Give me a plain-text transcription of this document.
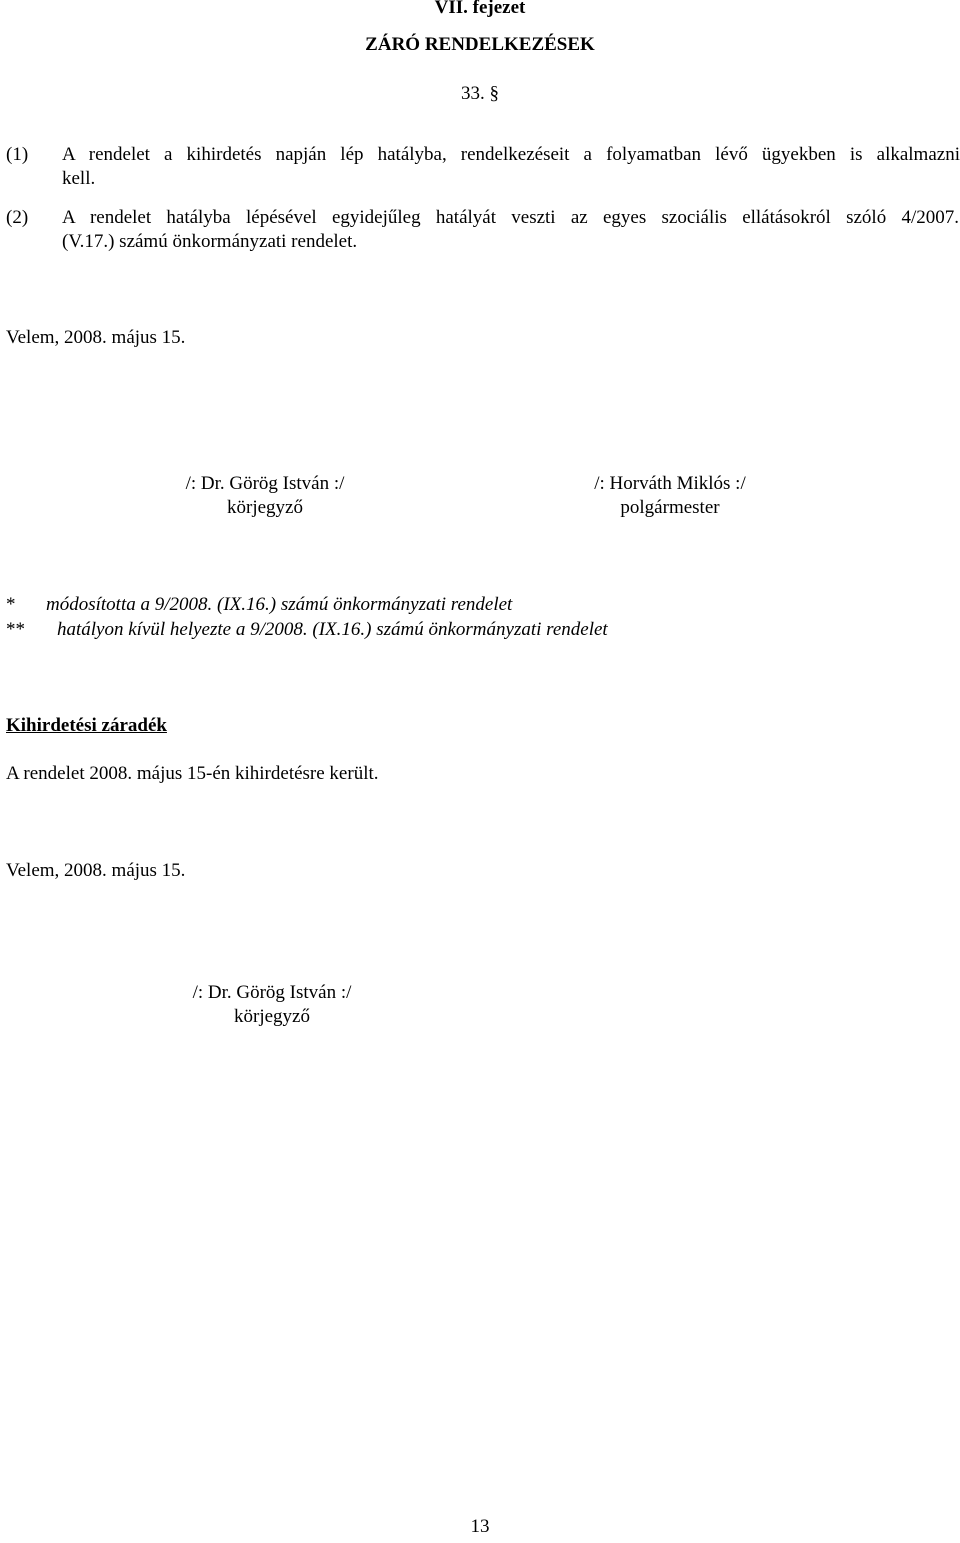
VII. fejezet
ZÁRÓ RENDELKEZÉSEK
33. §
(1) A rendelet a kihirdetés napján lép hatályba, rendelkezéseit a folyamatban lévő ügyekben is alkalmazni
kell.
(2) A rendelet hatályba lépésével egyidejűleg hatályát veszti az egyes szociális ellátásokról szóló 4/2007.
(V.17.) számú önkormányzati rendelet.
Velem, 2008. május 15.
/: Dr. Görög István :/
körjegyző
/: Horváth Miklós :/
polgármester
* módosította a 9/2008. (IX.16.) számú önkormányzati rendelet
** hatályon kívül helyezte a 9/2008. (IX.16.) számú önkormányzati rendelet
Kihirdetési záradék
A rendelet 2008. május 15-én kihirdetésre került.
Velem, 2008. május 15.
/: Dr. Görög István :/
körjegyző
13
